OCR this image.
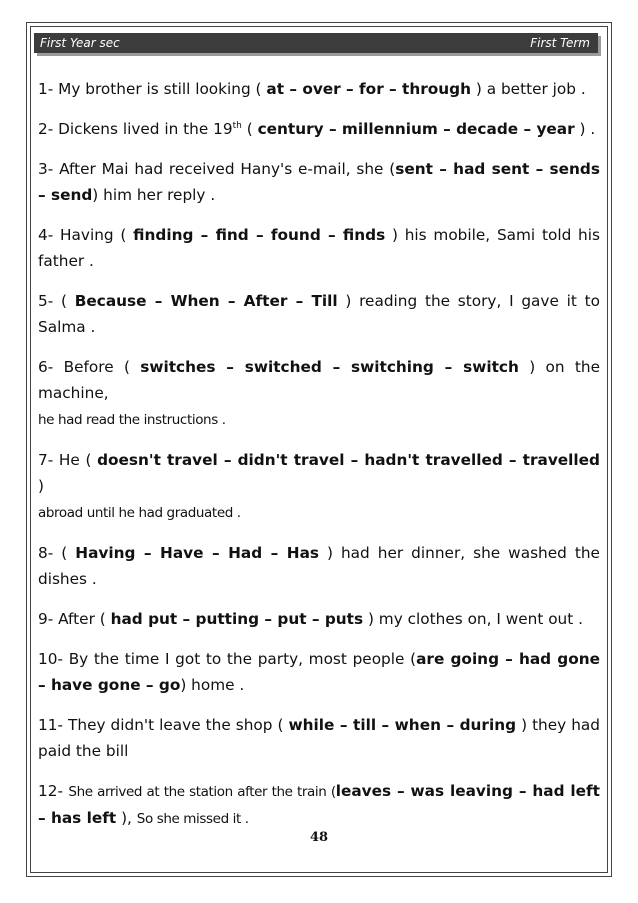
First Year sec	First Term

1- My brother is still looking ( at – over – for – through ) a better job .

2- Dickens lived in the 19th ( century – millennium – decade – year ) .

3- After Mai had received Hany's e-mail, she (sent – had sent – sends – send) him her reply .

4- Having ( finding – find – found – finds ) his mobile, Sami told his father .

5- ( Because – When – After – Till ) reading the story, I gave it to Salma .

6- Before ( switches – switched – switching – switch ) on the machine,
he had read the instructions .

7- He ( doesn't travel – didn't travel – hadn't travelled – travelled )
abroad until he had graduated .

8- ( Having – Have – Had – Has ) had her dinner, she washed the dishes .

9- After ( had put – putting – put – puts ) my clothes on, I went out .

10- By the time I got to the party, most people (are going – had gone – have gone – go) home .

11- They didn't leave the shop ( while – till – when – during ) they had paid the bill

12- She arrived at the station after the train (leaves – was leaving – had left – has left ), So she missed it .

48
